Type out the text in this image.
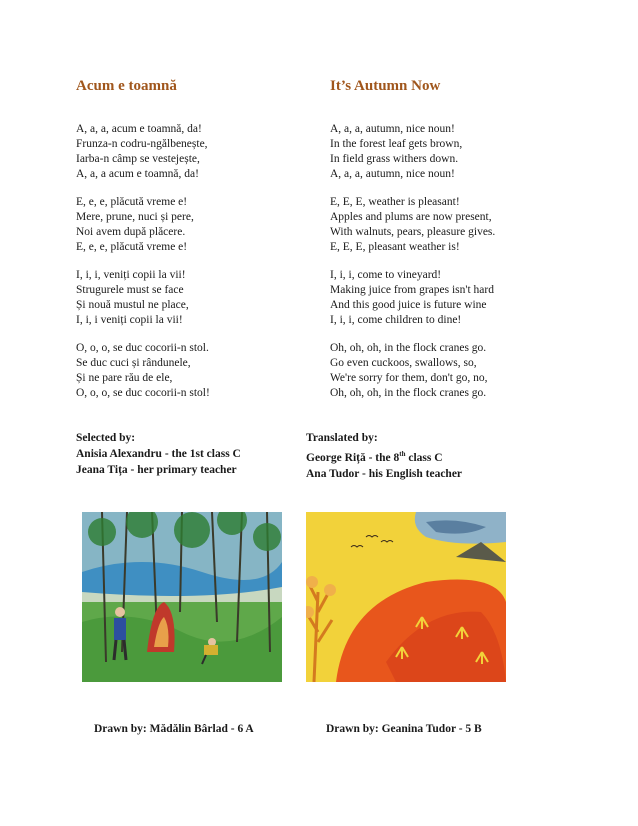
Acum e toamnă	It’s Autumn Now
A, a, a, acum e toamnă, da!
Frunza-n codru-ngălbenește,
Iarba-n câmp se vestejește,
A, a, a acum e toamnă, da!
E, e, e, plăcută vreme e!
Mere, prune, nuci și pere,
Noi avem după plăcere.
E, e, e, plăcută vreme e!
I, i, i, veniți copii la vii!
Strugurele must se face
Și nouă mustul ne place,
I, i, i veniți copii la vii!
O, o, o, se duc cocorii-n stol.
Se duc cuci și rândunele,
Și ne pare rău de ele,
O, o, o, se duc cocorii-n stol!
A, a, a, autumn, nice noun!
In the forest leaf gets brown,
In field grass withers down.
A, a, a, autumn, nice noun!
E, E, E, weather is pleasant!
Apples and plums are now present,
With walnuts, pears, pleasure gives.
E, E, E, pleasant weather is!
I, i, i, come to vineyard!
Making juice from grapes isn't hard
And this good juice is future wine
I, i, i, come children to dine!
Oh, oh, oh, in the flock cranes go.
Go even cuckoos, swallows, so,
We're sorry for them, don't go, no,
Oh, oh, oh, in the flock cranes go.
Selected by:
Anisia Alexandru - the 1st class C
Jeana Tița - her primary teacher
Translated by:
George Riță - the 8th class C
Ana Tudor - his English teacher
Drawn by: Mădălin Bârlad - 6 A	Drawn by: Geanina Tudor - 5 B
